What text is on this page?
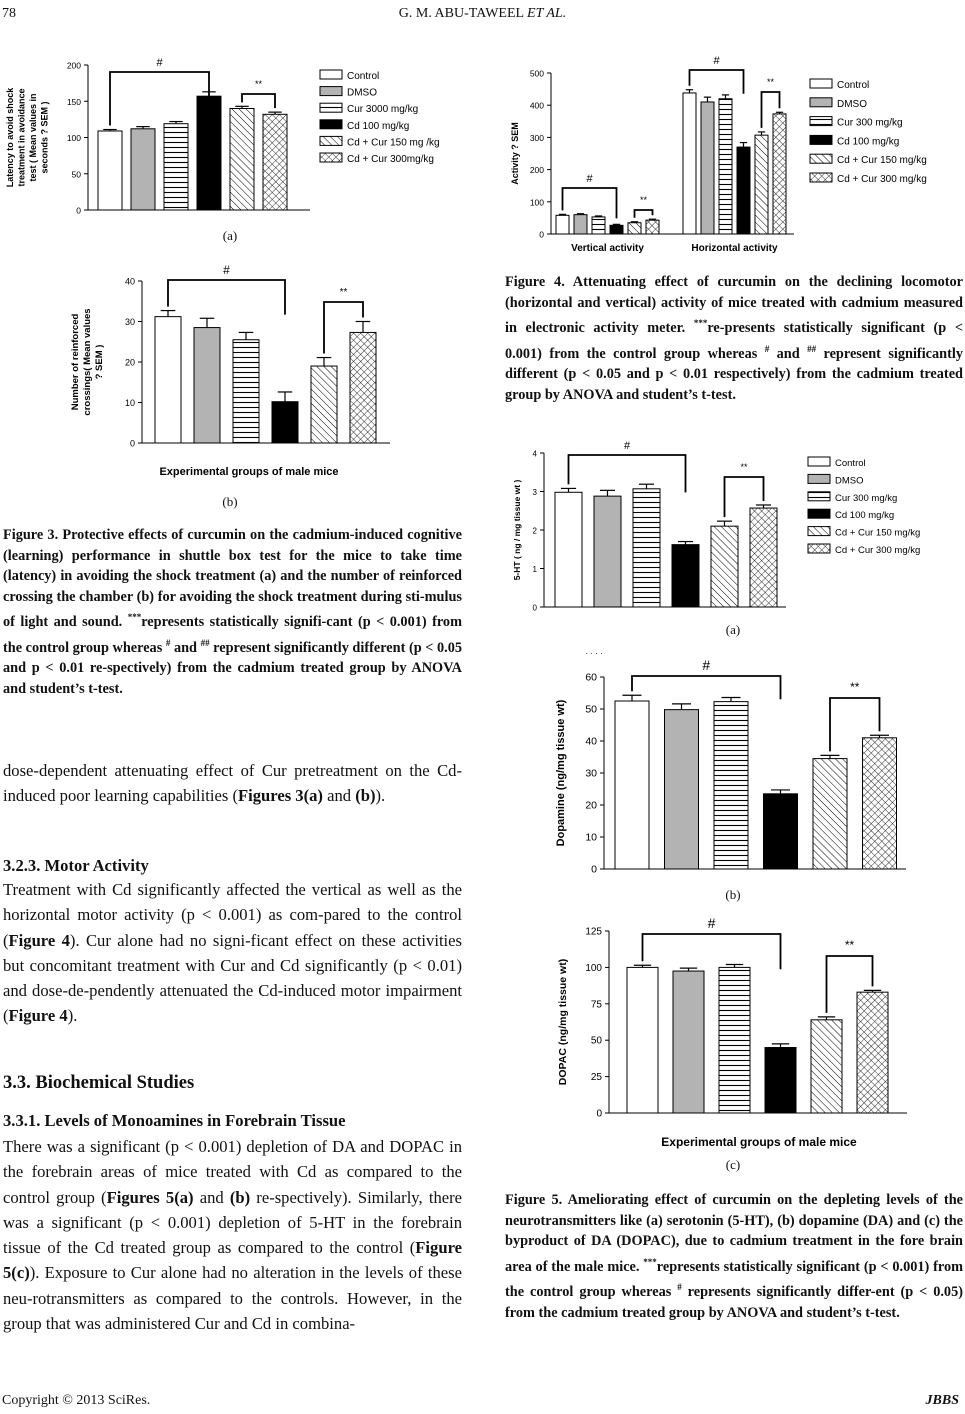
78	G. M. ABU-TAWEEL ET AL.
0
50
100
150
200
Latency to avoid shock treatment in avoidance test ( Mean values in seconds ? SEM )
Control
DMSO
Cur 3000 mg/kg
Cd 100 mg/kg
Cd + Cur 150 mg /kg
Cd + Cur 300mg/kg
#
**
(a)
0
10
20
30
40
Number of reinforced crossings( Mean values ? SEM )
Experimental groups of male mice
#
**
(b)
Figure 3. Protective effects of curcumin on the cadmium-induced cognitive (learning) performance in shuttle box test for the mice to take time (latency) in avoiding the shock treatment (a) and the number of reinforced crossing the chamber (b) for avoiding the shock treatment during sti-mulus of light and sound. ***represents statistically signifi-cant (p < 0.001) from the control group whereas # and ## represent significantly different (p < 0.05 and p < 0.01 re-spectively) from the cadmium treated group by ANOVA and student’s t-test.
dose-dependent attenuating effect of Cur pretreatment on the Cd-induced poor learning capabilities (Figures 3(a) and (b)).
3.2.3. Motor Activity
Treatment with Cd significantly affected the vertical as well as the horizontal motor activity (p < 0.001) as com-pared to the control (Figure 4). Cur alone had no signi-ficant effect on these activities but concomitant treatment with Cur and Cd significantly (p < 0.01) and dose-de-pendently attenuated the Cd-induced motor impairment (Figure 4).
3.3. Biochemical Studies
3.3.1. Levels of Monoamines in Forebrain Tissue
There was a significant (p < 0.001) depletion of DA and DOPAC in the forebrain areas of mice treated with Cd as compared to the control group (Figures 5(a) and (b) re-spectively). Similarly, there was a significant (p < 0.001) depletion of 5-HT in the forebrain tissue of the Cd treated group as compared to the control (Figure 5(c)). Exposure to Cur alone had no alteration in the levels of these neu-rotransmitters as compared to the controls. However, in the group that was administered Cur and Cd in combina-
0
100
200
300
400
500
Activity ? SEM
Vertical activity	Horizontal activity
Control
DMSO
Cur 300 mg/kg
Cd 100 mg/kg
Cd + Cur 150 mg/kg
Cd + Cur 300 mg/kg
#
**
#
**
Figure 4. Attenuating effect of curcumin on the declining locomotor (horizontal and vertical) activity of mice treated with cadmium measured in electronic activity meter. ***re-presents statistically significant (p < 0.001) from the control group whereas # and ## represent significantly different (p < 0.05 and p < 0.01 respectively) from the cadmium treated group by ANOVA and student’s t-test.
0
1
2
3
4
5-HT ( ng / mg tissue wt )
Control
DMSO
Cur 300 mg/kg
Cd 100 mg/kg
Cd + Cur 150 mg/kg
Cd + Cur 300 mg/kg
#
**
(a)
0
10
20
30
40
50
60
Dopamine (ng/mg tissue wt)
#
**
· · · ·
(b)
0
25
50
75
100
125
DOPAC (ng/mg tissue wt)
Experimental groups of male mice
#
**
(c)
Figure 5. Ameliorating effect of curcumin on the depleting levels of the neurotransmitters like (a) serotonin (5-HT), (b) dopamine (DA) and (c) the byproduct of DA (DOPAC), due to cadmium treatment in the fore brain area of the male mice. ***represents statistically significant (p < 0.001) from the control group whereas # represents significantly differ-ent (p < 0.05) from the cadmium treated group by ANOVA and student’s t-test.
Copyright © 2013 SciRes.	JBBS
